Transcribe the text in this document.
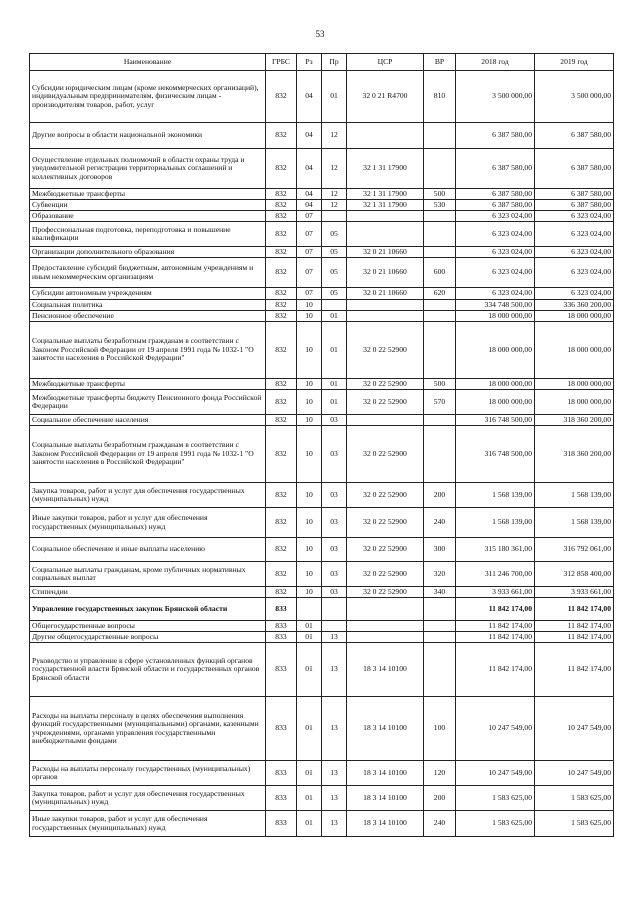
53
Наименование	ГРБС	Рз	Пр	ЦСР	ВР	2018 год	2019 год
Субсидии юридическим лицам (кроме некоммерческих организаций), индивидуальным предпринимателям, физическим лицам - производителям товаров, работ, услуг	832	04	01	32 0 21 R4700	810	3 500 000,00	3 500 000,00
Другие вопросы в области национальной экономики	832	04	12			6 387 580,00	6 387 580,00
Осуществление отдельных полномочий в области охраны труда и уведомительной регистрации территориальных соглашений и коллективных договоров	832	04	12	32 1 31 17900		6 387 580,00	6 387 580,00
Межбюджетные трансферты	832	04	12	32 1 31 17900	500	6 387 580,00	6 387 580,00
Субвенции	832	04	12	32 1 31 17900	530	6 387 580,00	6 387 580,00
Образование	832	07				6 323 024,00	6 323 024,00
Профессиональная подготовка, переподготовка и повышение квалификации	832	07	05			6 323 024,00	6 323 024,00
Организации дополнительного образования	832	07	05	32 0 21 10660		6 323 024,00	6 323 024,00
Предоставление субсидий бюджетным, автономным учреждениям и иным некоммерческим организациям	832	07	05	32 0 21 10660	600	6 323 024,00	6 323 024,00
Субсидии автономным учреждениям	832	07	05	32 0 21 10660	620	6 323 024,00	6 323 024,00
Социальная политика	832	10				334 748 500,00	336 360 200,00
Пенсионное обеспечение	832	10	01			18 000 000,00	18 000 000,00
Социальные выплаты безработным гражданам в соответствии с Законом Российской Федерации от 19 апреля 1991 года № 1032-1 "О занятости населения в Российской Федерации"	832	10	01	32 0 22 52900		18 000 000,00	18 000 000,00
Межбюджетные трансферты	832	10	01	32 0 22 52900	500	18 000 000,00	18 000 000,00
Межбюджетные трансферты бюджету Пенсионного фонда Российской Федерации	832	10	01	32 0 22 52900	570	18 000 000,00	18 000 000,00
Социальное обеспечение населения	832	10	03			316 748 500,00	318 360 200,00
Социальные выплаты безработным гражданам в соответствии с Законом Российской Федерации от 19 апреля 1991 года № 1032-1 "О занятости населения в Российской Федерации"	832	10	03	32 0 22 52900		316 748 500,00	318 360 200,00
Закупка товаров, работ и услуг для обеспечения государственных (муниципальных) нужд	832	10	03	32 0 22 52900	200	1 568 139,00	1 568 139,00
Иные закупки товаров, работ и услуг для обеспечения государственных (муниципальных) нужд	832	10	03	32 0 22 52900	240	1 568 139,00	1 568 139,00
Социальное обеспечение и иные выплаты населению	832	10	03	32 0 22 52900	300	315 180 361,00	316 792 061,00
Социальные выплаты гражданам, кроме публичных нормативных социальных выплат	832	10	03	32 0 22 52900	320	311 246 700,00	312 858 400,00
Стипендии	832	10	03	32 0 22 52900	340	3 933 661,00	3 933 661,00
Управление государственных закупок Брянской области	833					11 842 174,00	11 842 174,00
Общегосударственные вопросы	833	01				11 842 174,00	11 842 174,00
Другие общегосударственные вопросы	833	01	13			11 842 174,00	11 842 174,00
Руководство и управление в сфере установленных функций органов государственной власти Брянской области и государственных органов Брянской области	833	01	13	18 3 14 10100		11 842 174,00	11 842 174,00
Расходы на выплаты персоналу в целях обеспечения выполнения функций государственными (муниципальными) органами, казенными учреждениями, органами управления государственными внебюджетными фондами	833	01	13	18 3 14 10100	100	10 247 549,00	10 247 549,00
Расходы на выплаты персоналу государственных (муниципальных) органов	833	01	13	18 3 14 10100	120	10 247 549,00	10 247 549,00
Закупка товаров, работ и услуг для обеспечения государственных (муниципальных) нужд	833	01	13	18 3 14 10100	200	1 583 625,00	1 583 625,00
Иные закупки товаров, работ и услуг для обеспечения государственных (муниципальных) нужд	833	01	13	18 3 14 10100	240	1 583 625,00	1 583 625,00
